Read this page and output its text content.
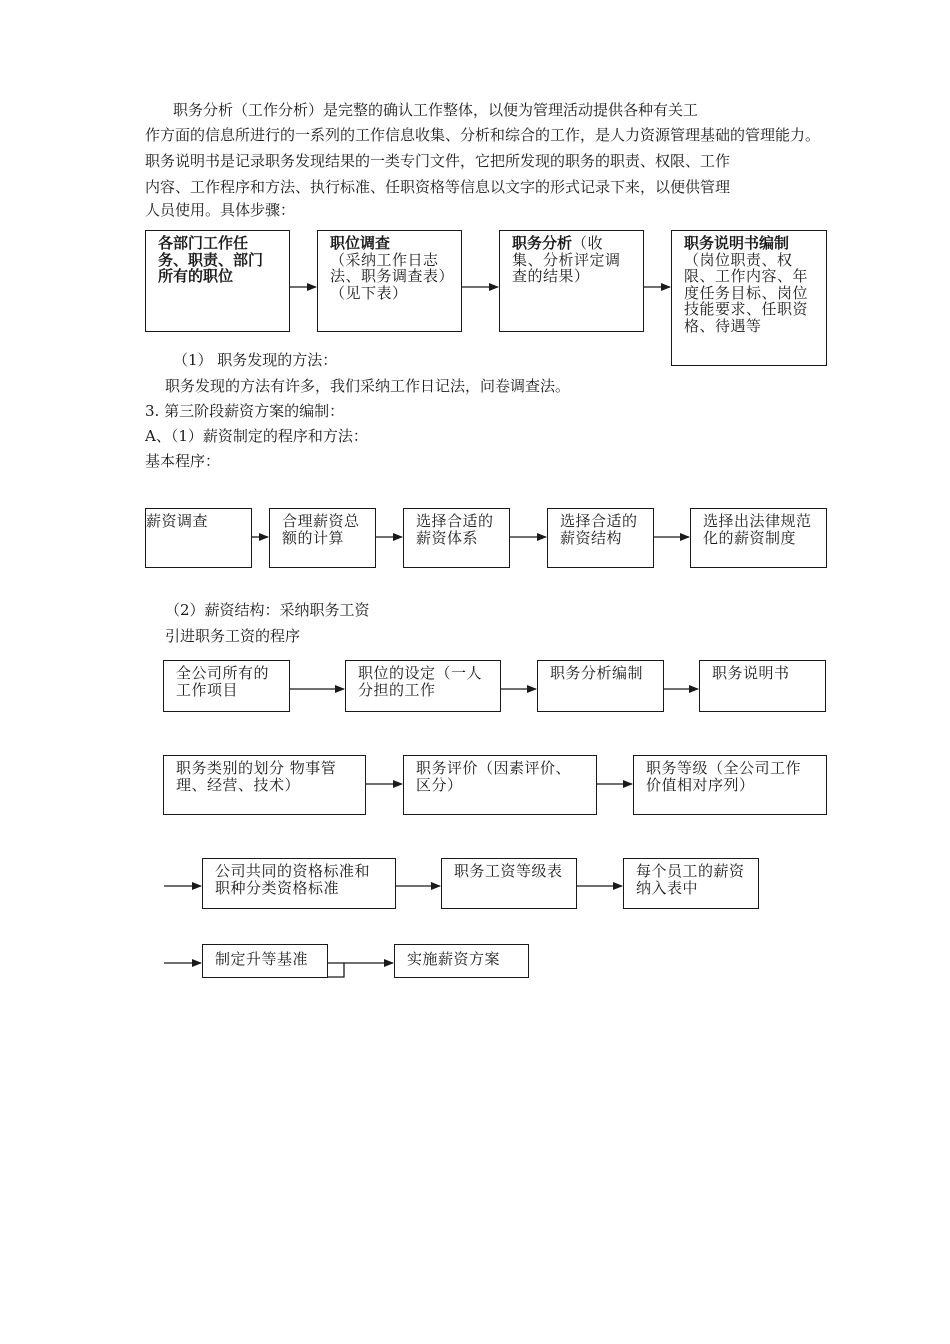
职务分析（工作分析）是完整的确认工作整体，以便为管理活动提供各种有关工
作方面的信息所进行的一系列的工作信息收集、分析和综合的工作，是人力资源管理基础的管理能力。
职务说明书是记录职务发现结果的一类专门文件，它把所发现的职务的职责、权限、工作
内容、工作程序和方法、执行标准、任职资格等信息以文字的形式记录下来，以便供管理
人员使用。具体步骤：
各部门工作任务、职责、部门所有的职位
职位调查
（采纳工作日志法、职务调查表）（见下表）
职务分析（收集、分析评定调查的结果）
职务说明书编制（岗位职责、权限、工作内容、年度任务目标、岗位技能要求、任职资格、待遇等
（1） 职务发现的方法：
职务发现的方法有许多，我们采纳工作日记法，问卷调查法。
3. 第三阶段薪资方案的编制：
A、（1）薪资制定的程序和方法：
基本程序：
薪资调查	合理薪资总额的计算
选择合适的薪资体系
选择合适的薪资结构
选择出法律规范化的薪资制度
（2）薪资结构：采纳职务工资
引进职务工资的程序
全公司所有的工作项目
职位的设定（一人分担的工作
职务分析编制	职务说明书
职务类别的划分 物事管理、经营、技术）
职务评价（因素评价、区分）
职务等级（全公司工作价值相对序列）
公司共同的资格标准和职种分类资格标准
职务工资等级表	每个员工的薪资纳入表中
制定升等基准	实施薪资方案
